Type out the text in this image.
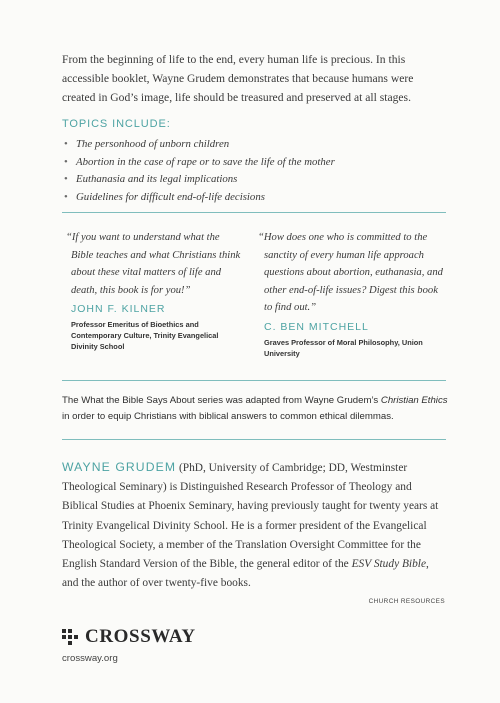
From the beginning of life to the end, every human life is precious. In this accessible booklet, Wayne Grudem demonstrates that because humans were created in God’s image, life should be treasured and preserved at all stages.

TOPICS INCLUDE:
• The personhood of unborn children
• Abortion in the case of rape or to save the life of the mother
• Euthanasia and its legal implications
• Guidelines for difficult end-of-life decisions
“If you want to understand what the Bible teaches and what Christians think about these vital matters of life and death, this book is for you!”
JOHN F. KILNER
Professor Emeritus of Bioethics and Contemporary Culture, Trinity Evangelical Divinity School
“How does one who is committed to the sanctity of every human life approach questions about abortion, euthanasia, and other end-of-life issues? Digest this book to find out.”
C. BEN MITCHELL
Graves Professor of Moral Philosophy, Union University
The What the Bible Says About series was adapted from Wayne Grudem’s Christian Ethics in order to equip Christians with biblical answers to common ethical dilemmas.
WAYNE GRUDEM (PhD, University of Cambridge; DD, Westminster Theological Seminary) is Distinguished Research Professor of Theology and Biblical Studies at Phoenix Seminary, having previously taught for twenty years at Trinity Evangelical Divinity School. He is a former president of the Evangelical Theological Society, a member of the Translation Oversight Committee for the English Standard Version of the Bible, the general editor of the ESV Study Bible, and the author of over twenty-five books.
CHURCH RESOURCES
CROSSWAY
crossway.org
